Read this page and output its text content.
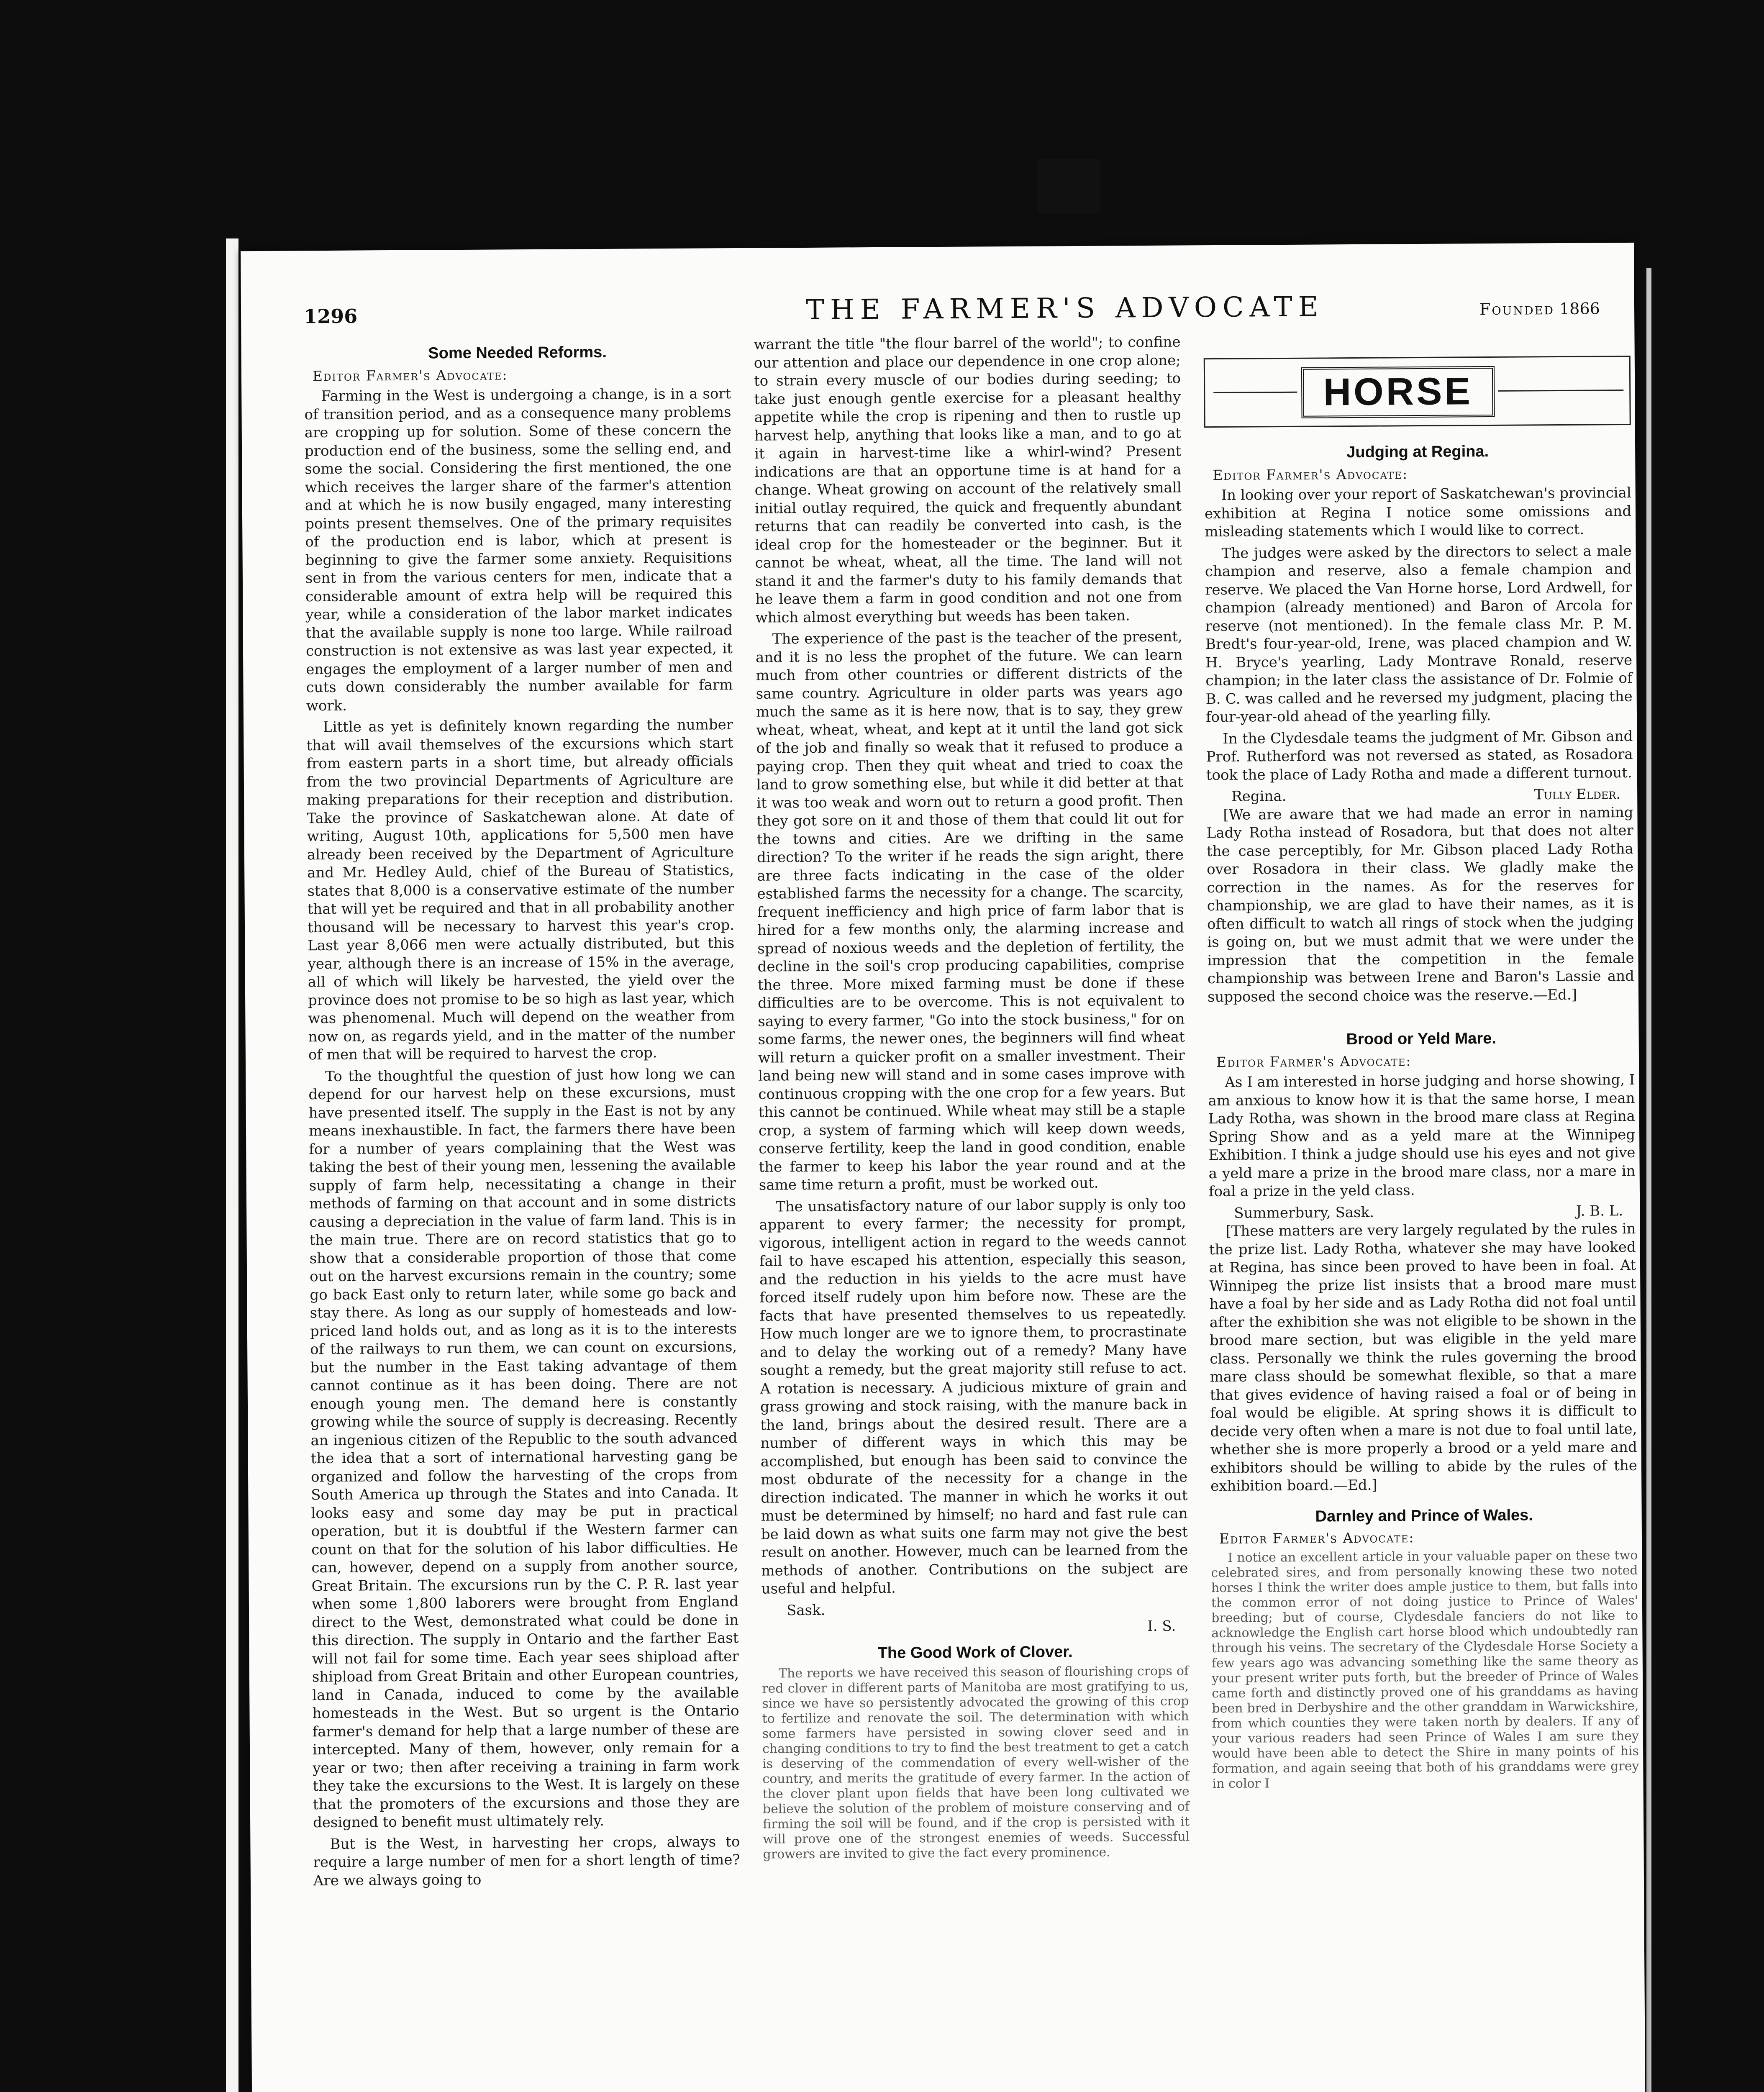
1296	THE FARMER'S ADVOCATE	Founded 1866
Some Needed Reforms.
Editor Farmer's Advocate:

Farming in the West is undergoing a change, is in a sort of transition period, and as a consequence many problems are cropping up for solution. Some of these concern the production end of the business, some the selling end, and some the social. Considering the first mentioned, the one which receives the larger share of the farmer's attention and at which he is now busily engaged, many interesting points present themselves. One of the primary requisites of the production end is labor, which at present is beginning to give the farmer some anxiety. Requisitions sent in from the various centers for men, indicate that a considerable amount of extra help will be required this year, while a consideration of the labor market indicates that the available supply is none too large. While railroad construction is not extensive as was last year expected, it engages the employment of a larger number of men and cuts down considerably the number available for farm work.

Little as yet is definitely known regarding the number that will avail themselves of the excursions which start from eastern parts in a short time, but already officials from the two provincial Departments of Agriculture are making preparations for their reception and distribution. Take the province of Saskatchewan alone. At date of writing, August 10th, applications for 5,500 men have already been received by the Department of Agriculture and Mr. Hedley Auld, chief of the Bureau of Statistics, states that 8,000 is a conservative estimate of the number that will yet be required and that in all probability another thousand will be necessary to harvest this year's crop. Last year 8,066 men were actually distributed, but this year, although there is an increase of 15% in the average, all of which will likely be harvested, the yield over the province does not promise to be so high as last year, which was phenomenal. Much will depend on the weather from now on, as regards yield, and in the matter of the number of men that will be required to harvest the crop.

To the thoughtful the question of just how long we can depend for our harvest help on these excursions, must have presented itself. The supply in the East is not by any means inexhaustible. In fact, the farmers there have been for a number of years complaining that the West was taking the best of their young men, lessening the available supply of farm help, necessitating a change in their methods of farming on that account and in some districts causing a depreciation in the value of farm land. This is in the main true. There are on record statistics that go to show that a considerable proportion of those that come out on the harvest excursions remain in the country; some go back East only to return later, while some go back and stay there. As long as our supply of homesteads and low-priced land holds out, and as long as it is to the interests of the railways to run them, we can count on excursions, but the number in the East taking advantage of them cannot continue as it has been doing. There are not enough young men. The demand here is constantly growing while the source of supply is decreasing. Recently an ingenious citizen of the Republic to the south advanced the idea that a sort of international harvesting gang be organized and follow the harvesting of the crops from South America up through the States and into Canada. It looks easy and some day may be put in practical operation, but it is doubtful if the Western farmer can count on that for the solution of his labor difficulties. He can, however, depend on a supply from another source, Great Britain. The excursions run by the C. P. R. last year when some 1,800 laborers were brought from England direct to the West, demonstrated what could be done in this direction. The supply in Ontario and the farther East will not fail for some time. Each year sees shipload after shipload from Great Britain and other European countries, land in Canada, induced to come by the available homesteads in the West. But so urgent is the Ontario farmer's demand for help that a large number of these are intercepted. Many of them, however, only remain for a year or two; then after receiving a training in farm work they take the excursions to the West. It is largely on these that the promoters of the excursions and those they are designed to benefit must ultimately rely.

But is the West, in harvesting her crops, always to require a large number of men for a short length of time? Are we always going to

warrant the title "the flour barrel of the world"; to confine our attention and place our dependence in one crop alone; to strain every muscle of our bodies during seeding; to take just enough gentle exercise for a pleasant healthy appetite while the crop is ripening and then to rustle up harvest help, anything that looks like a man, and to go at it again in harvest-time like a whirl-wind? Present indications are that an opportune time is at hand for a change. Wheat growing on account of the relatively small initial outlay required, the quick and frequently abundant returns that can readily be converted into cash, is the ideal crop for the homesteader or the beginner. But it cannot be wheat, wheat, all the time. The land will not stand it and the farmer's duty to his family demands that he leave them a farm in good condition and not one from which almost everything but weeds has been taken.

The experience of the past is the teacher of the present, and it is no less the prophet of the future. We can learn much from other countries or different districts of the same country. Agriculture in older parts was years ago much the same as it is here now, that is to say, they grew wheat, wheat, wheat, and kept at it until the land got sick of the job and finally so weak that it refused to produce a paying crop. Then they quit wheat and tried to coax the land to grow something else, but while it did better at that it was too weak and worn out to return a good profit. Then they got sore on it and those of them that could lit out for the towns and cities. Are we drifting in the same direction? To the writer if he reads the sign aright, there are three facts indicating in the case of the older established farms the necessity for a change. The scarcity, frequent inefficiency and high price of farm labor that is hired for a few months only, the alarming increase and spread of noxious weeds and the depletion of fertility, the decline in the soil's crop producing capabilities, comprise the three. More mixed farming must be done if these difficulties are to be overcome. This is not equivalent to saying to every farmer, "Go into the stock business," for on some farms, the newer ones, the beginners will find wheat will return a quicker profit on a smaller investment. Their land being new will stand and in some cases improve with continuous cropping with the one crop for a few years. But this cannot be continued. While wheat may still be a staple crop, a system of farming which will keep down weeds, conserve fertility, keep the land in good condition, enable the farmer to keep his labor the year round and at the same time return a profit, must be worked out.

The unsatisfactory nature of our labor supply is only too apparent to every farmer; the necessity for prompt, vigorous, intelligent action in regard to the weeds cannot fail to have escaped his attention, especially this season, and the reduction in his yields to the acre must have forced itself rudely upon him before now. These are the facts that have presented themselves to us repeatedly. How much longer are we to ignore them, to procrastinate and to delay the working out of a remedy? Many have sought a remedy, but the great majority still refuse to act. A rotation is necessary. A judicious mixture of grain and grass growing and stock raising, with the manure back in the land, brings about the desired result. There are a number of different ways in which this may be accomplished, but enough has been said to convince the most obdurate of the necessity for a change in the direction indicated. The manner in which he works it out must be determined by himself; no hard and fast rule can be laid down as what suits one farm may not give the best result on another. However, much can be learned from the methods of another. Contributions on the subject are useful and helpful.

Sask.
I. S.
The Good Work of Clover.

The reports we have received this season of flourishing crops of red clover in different parts of Manitoba are most gratifying to us, since we have so persistently advocated the growing of this crop to fertilize and renovate the soil. The determination with which some farmers have persisted in sowing clover seed and in changing conditions to try to find the best treatment to get a catch is deserving of the commendation of every well-wisher of the country, and merits the gratitude of every farmer. In the action of the clover plant upon fields that have been long cultivated we believe the solution of the problem of moisture conserving and of firming the soil will be found, and if the crop is persisted with it will prove one of the strongest enemies of weeds. Successful growers are invited to give the fact every prominence.

HORSE
Judging at Regina.
Editor Farmer's Advocate:

In looking over your report of Saskatchewan's provincial exhibition at Regina I notice some omissions and misleading statements which I would like to correct.

The judges were asked by the directors to select a male champion and reserve, also a female champion and reserve. We placed the Van Horne horse, Lord Ardwell, for champion (already mentioned) and Baron of Arcola for reserve (not mentioned). In the female class Mr. P. M. Bredt's four-year-old, Irene, was placed champion and W. H. Bryce's yearling, Lady Montrave Ronald, reserve champion; in the later class the assistance of Dr. Folmie of B. C. was called and he reversed my judgment, placing the four-year-old ahead of the yearling filly.

In the Clydesdale teams the judgment of Mr. Gibson and Prof. Rutherford was not reversed as stated, as Rosadora took the place of Lady Rotha and made a different turnout.

Regina.	Tully Elder.

[We are aware that we had made an error in naming Lady Rotha instead of Rosadora, but that does not alter the case perceptibly, for Mr. Gibson placed Lady Rotha over Rosadora in their class. We gladly make the correction in the names. As for the reserves for championship, we are glad to have their names, as it is often difficult to watch all rings of stock when the judging is going on, but we must admit that we were under the impression that the competition in the female championship was between Irene and Baron's Lassie and supposed the second choice was the reserve.—Ed.]

Brood or Yeld Mare.
Editor Farmer's Advocate:

As I am interested in horse judging and horse showing, I am anxious to know how it is that the same horse, I mean Lady Rotha, was shown in the brood mare class at Regina Spring Show and as a yeld mare at the Winnipeg Exhibition. I think a judge should use his eyes and not give a yeld mare a prize in the brood mare class, nor a mare in foal a prize in the yeld class.

Summerbury, Sask.	J. B. L.

[These matters are very largely regulated by the rules in the prize list. Lady Rotha, whatever she may have looked at Regina, has since been proved to have been in foal. At Winnipeg the prize list insists that a brood mare must have a foal by her side and as Lady Rotha did not foal until after the exhibition she was not eligible to be shown in the brood mare section, but was eligible in the yeld mare class. Personally we think the rules governing the brood mare class should be somewhat flexible, so that a mare that gives evidence of having raised a foal or of being in foal would be eligible. At spring shows it is difficult to decide very often when a mare is not due to foal until late, whether she is more properly a brood or a yeld mare and exhibitors should be willing to abide by the rules of the exhibition board.—Ed.]

Darnley and Prince of Wales.
Editor Farmer's Advocate:

I notice an excellent article in your valuable paper on these two celebrated sires, and from personally knowing these two noted horses I think the writer does ample justice to them, but falls into the common error of not doing justice to Prince of Wales' breeding; but of course, Clydesdale fanciers do not like to acknowledge the English cart horse blood which undoubtedly ran through his veins. The secretary of the Clydesdale Horse Society a few years ago was advancing something like the same theory as your present writer puts forth, but the breeder of Prince of Wales came forth and distinctly proved one of his granddams as having been bred in Derbyshire and the other granddam in Warwickshire, from which counties they were taken north by dealers. If any of your various readers had seen Prince of Wales I am sure they would have been able to detect the Shire in many points of his formation, and again seeing that both of his granddams were grey in color I
